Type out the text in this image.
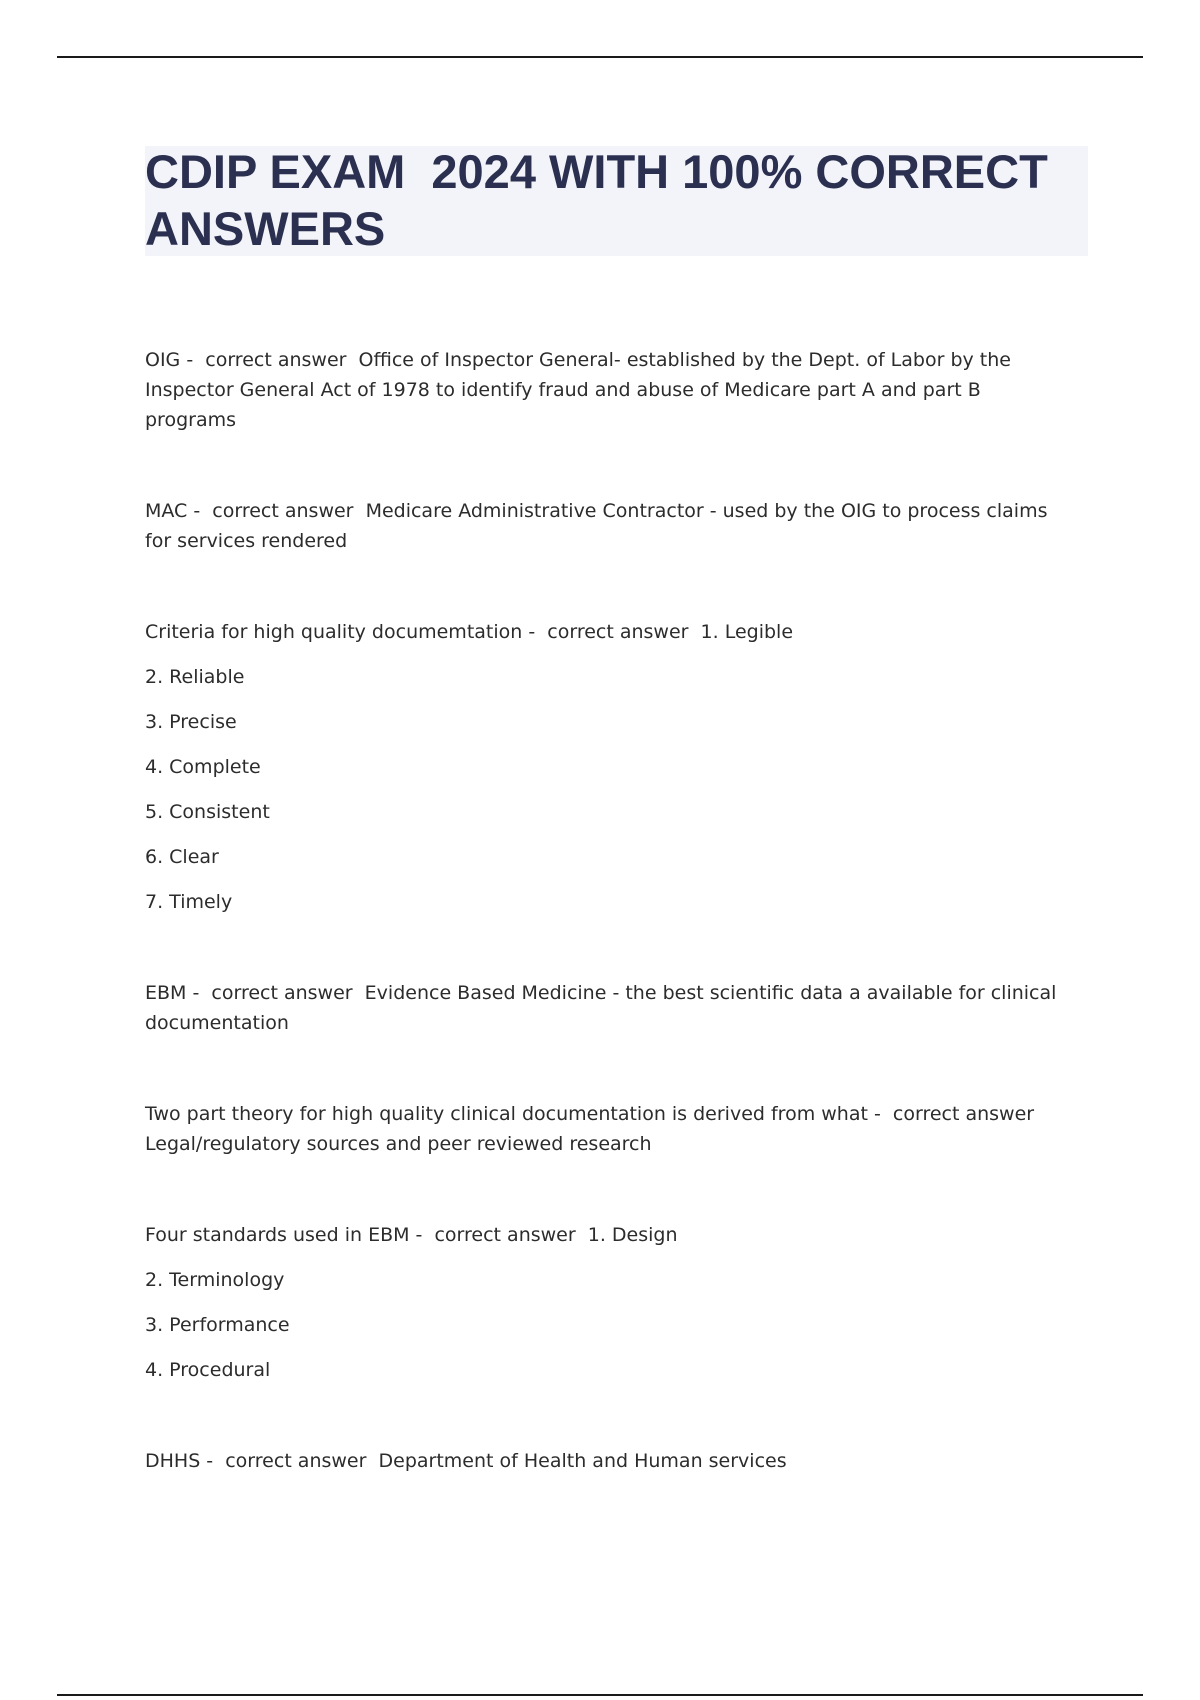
CDIP EXAM  2024 WITH 100% CORRECT ANSWERS

OIG -  correct answer  Office of Inspector General- established by the Dept. of Labor by the Inspector General Act of 1978 to identify fraud and abuse of Medicare part A and part B programs

MAC -  correct answer  Medicare Administrative Contractor - used by the OIG to process claims for services rendered

Criteria for high quality documemtation -  correct answer  1. Legible

2. Reliable

3. Precise

4. Complete

5. Consistent

6. Clear

7. Timely

EBM -  correct answer  Evidence Based Medicine - the best scientific data a available for clinical documentation

Two part theory for high quality clinical documentation is derived from what -  correct answer  Legal/regulatory sources and peer reviewed research

Four standards used in EBM -  correct answer  1. Design

2. Terminology

3. Performance

4. Procedural

DHHS -  correct answer  Department of Health and Human services
